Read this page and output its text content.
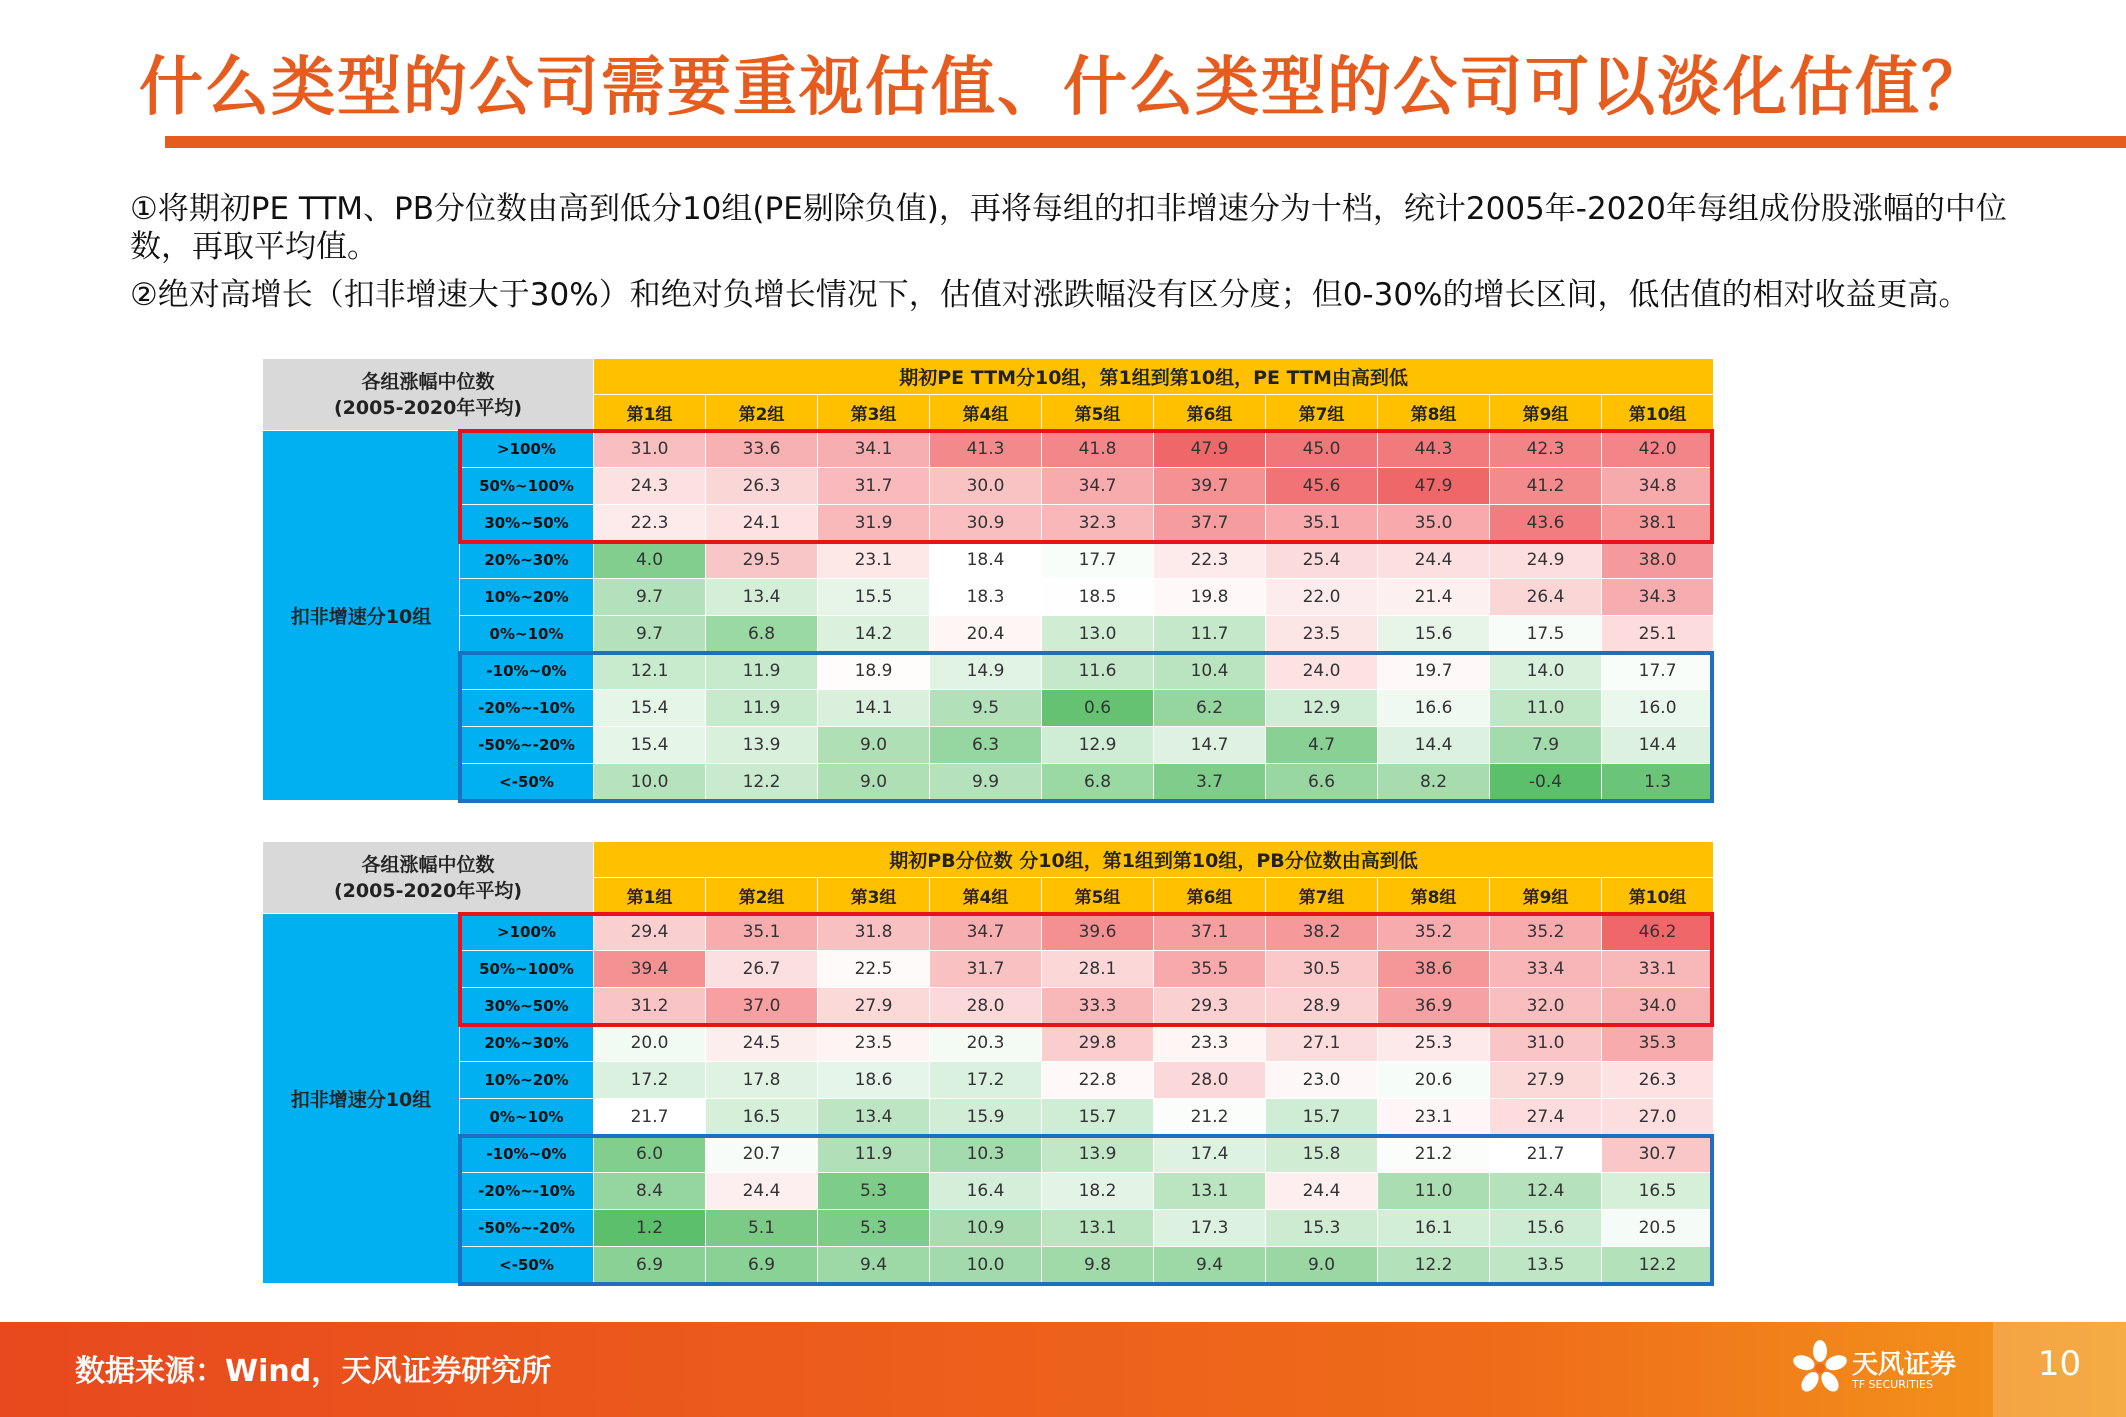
什么类型的公司需要重视估值、什么类型的公司可以淡化估值？

①将期初PE TTM、PB分位数由高到低分10组(PE剔除负值)，再将每组的扣非增速分为十档，统计2005年-2020年每组成份股涨幅的中位数，再取平均值。

②绝对高增长（扣非增速大于30%）和绝对负增长情况下，估值对涨跌幅没有区分度；但0-30%的增长区间，低估值的相对收益更高。

各组涨幅中位数
(2005-2020年平均)		期初PE TTM分10组，第1组到第10组，PE TTM由高到低									
		第1组	第2组	第3组	第4组	第5组	第6组	第7组	第8组	第9组	第10组
扣非增速分10组	>100%	31.0	33.6	34.1	41.3	41.8	47.9	45.0	44.3	42.3	42.0
	50%~100%	24.3	26.3	31.7	30.0	34.7	39.7	45.6	47.9	41.2	34.8
	30%~50%	22.3	24.1	31.9	30.9	32.3	37.7	35.1	35.0	43.6	38.1
	20%~30%	4.0	29.5	23.1	18.4	17.7	22.3	25.4	24.4	24.9	38.0
	10%~20%	9.7	13.4	15.5	18.3	18.5	19.8	22.0	21.4	26.4	34.3
	0%~10%	9.7	6.8	14.2	20.4	13.0	11.7	23.5	15.6	17.5	25.1
	-10%~0%	12.1	11.9	18.9	14.9	11.6	10.4	24.0	19.7	14.0	17.7
	-20%~-10%	15.4	11.9	14.1	9.5	0.6	6.2	12.9	16.6	11.0	16.0
	-50%~-20%	15.4	13.9	9.0	6.3	12.9	14.7	4.7	14.4	7.9	14.4
	<-50%	10.0	12.2	9.0	9.9	6.8	3.7	6.6	8.2	-0.4	1.3
各组涨幅中位数
(2005-2020年平均)		期初PB分位数 分10组，第1组到第10组，PB分位数由高到低									
		第1组	第2组	第3组	第4组	第5组	第6组	第7组	第8组	第9组	第10组
扣非增速分10组	>100%	29.4	35.1	31.8	34.7	39.6	37.1	38.2	35.2	35.2	46.2
	50%~100%	39.4	26.7	22.5	31.7	28.1	35.5	30.5	38.6	33.4	33.1
	30%~50%	31.2	37.0	27.9	28.0	33.3	29.3	28.9	36.9	32.0	34.0
	20%~30%	20.0	24.5	23.5	20.3	29.8	23.3	27.1	25.3	31.0	35.3
	10%~20%	17.2	17.8	18.6	17.2	22.8	28.0	23.0	20.6	27.9	26.3
	0%~10%	21.7	16.5	13.4	15.9	15.7	21.2	15.7	23.1	27.4	27.0
	-10%~0%	6.0	20.7	11.9	10.3	13.9	17.4	15.8	21.2	21.7	30.7
	-20%~-10%	8.4	24.4	5.3	16.4	18.2	13.1	24.4	11.0	12.4	16.5
	-50%~-20%	1.2	5.1	5.3	10.9	13.1	17.3	15.3	16.1	15.6	20.5
	<-50%	6.9	6.9	9.4	10.0	9.8	9.4	9.0	12.2	13.5	12.2
数据来源：Wind，天风证券研究所	天风证券
TF SECURITIES
10
